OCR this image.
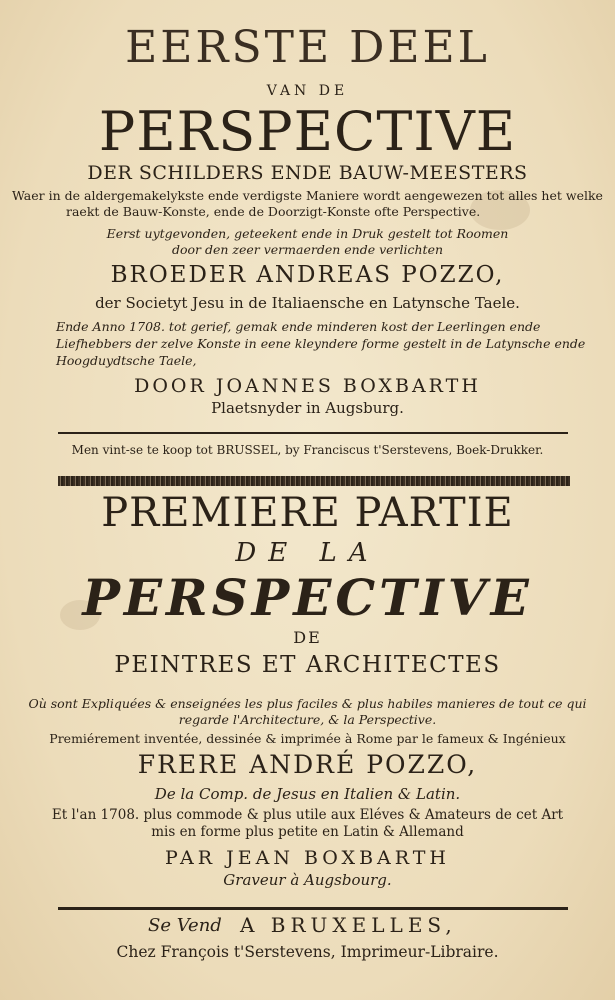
EERSTE DEEL
VAN DE
PERSPECTIVE
DER SCHILDERS ENDE BAUW-MEESTERS
Waer in de aldergemakelykste ende verdigste Maniere wordt aengewezen tot alles het welke
raekt de Bauw-Konste, ende de Doorzigt-Konste ofte Perspective.
Eerst uytgevonden, geteekent ende in Druk gestelt tot Roomen
door den zeer vermaerden ende verlichten
BROEDER ANDREAS POZZO,
der Societyt Jesu in de Italiaensche en Latynsche Taele.
Ende Anno 1708. tot gerief, gemak ende minderen kost der Leerlingen ende
Liefhebbers der zelve Konste in eene kleyndere forme gestelt in de Latynsche ende
Hoogduydtsche Taele,
DOOR JOANNES BOXBARTH
Plaetsnyder in Augsburg.
Men vint-se te koop tot BRUSSEL, by Franciscus t'Serstevens, Boek-Drukker.
PREMIERE PARTIE
DE LA
PERSPECTIVE
DE
PEINTRES ET ARCHITECTES
Où sont Expliquées & enseignées les plus faciles & plus habiles manieres de tout ce qui
regarde l'Architecture, & la Perspective.
Premiérement inventée, dessinée & imprimée à Rome par le fameux & Ingénieux
FRERE ANDRÉ POZZO,
De la Comp. de Jesus en Italien & Latin.
Et l'an 1708. plus commode & plus utile aux Eléves & Amateurs de cet Art
mis en forme plus petite en Latin & Allemand
PAR JEAN BOXBARTH
Graveur à Augsbourg.
Se Vend A BRUXELLES,
Chez François t'Serstevens, Imprimeur-Libraire.
